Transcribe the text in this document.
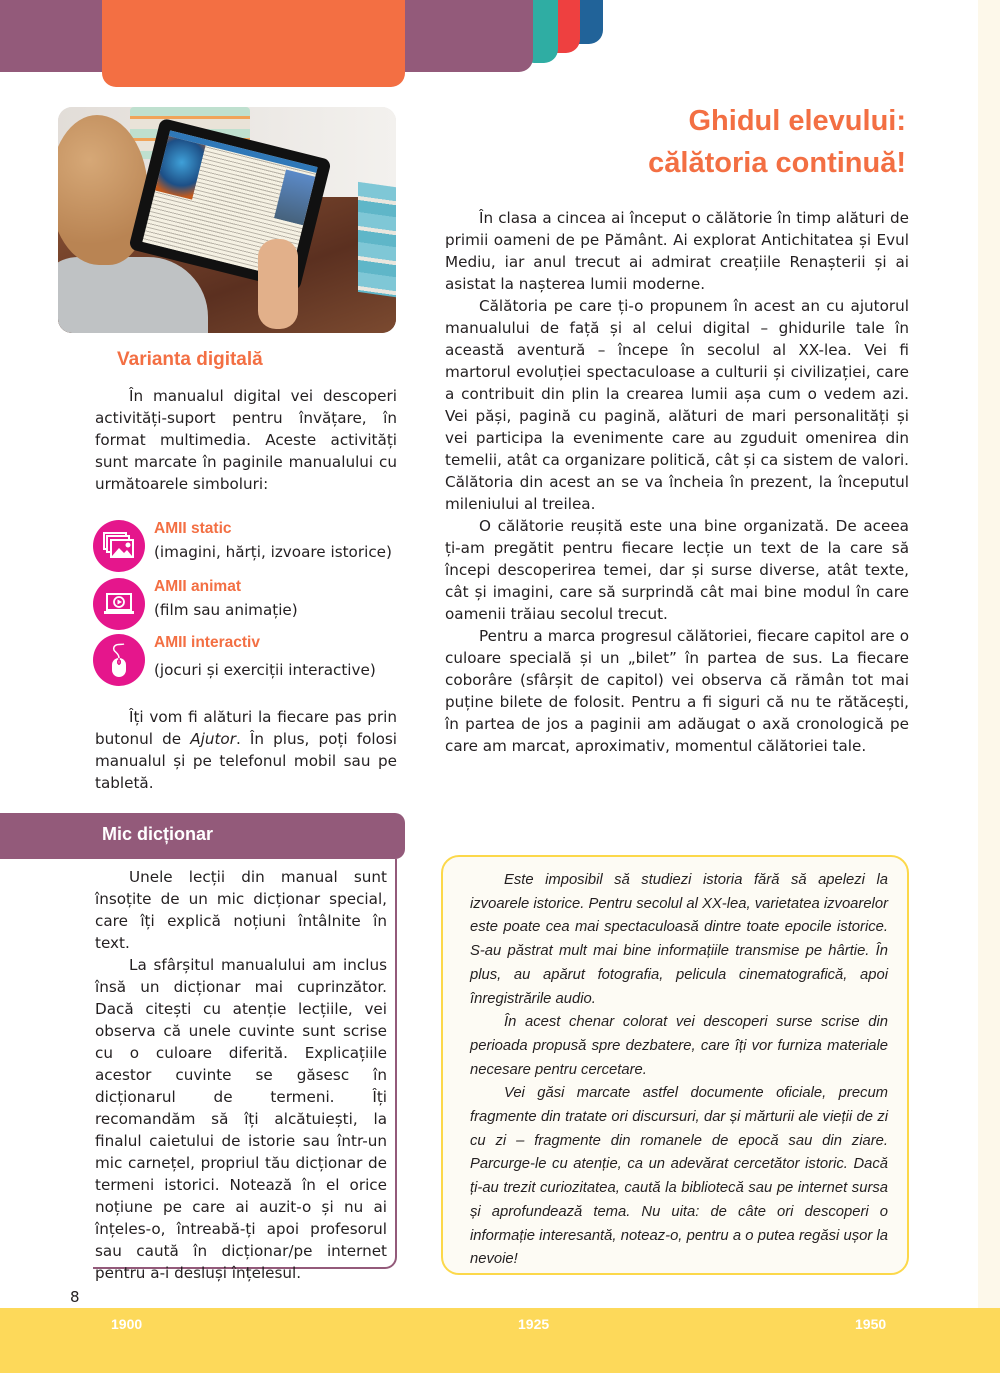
Ghidul elevului:
călătoria continuă!
Varianta digitală

În manualul digital vei descoperi activități-suport pentru învățare, în format multimedia. Aceste activități sunt marcate în paginile manualului cu următoarele simboluri:

AMII static
(imagini, hărți, izvoare istorice)
AMII animat
(film sau animație)
AMII interactiv
(jocuri și exerciții interactive)

Îți vom fi alături la fiecare pas prin butonul de Ajutor. În plus, poți folosi manualul și pe telefonul mobil sau pe tabletă.

Mic dicționar

Unele lecții din manual sunt însoțite de un mic dicționar special, care îți explică noțiuni întâlnite în text.

La sfârșitul manualului am inclus însă un dicționar mai cuprinzător. Dacă citești cu atenție lecțiile, vei observa că unele cuvinte sunt scrise cu o culoare diferită. Explicațiile acestor cuvinte se găsesc în dicționarul de termeni. Îți recomandăm să îți alcătuiești, la finalul caietului de istorie sau într-un mic carnețel, propriul tău dicționar de termeni istorici. Notează în el orice noțiune pe care ai auzit-o și nu ai înțeles-o, întreabă-ți apoi profesorul sau caută în dicționar/pe internet pentru a-i desluși înțelesul.

În clasa a cincea ai început o călătorie în timp alături de primii oameni de pe Pământ. Ai explorat Antichitatea și Evul Mediu, iar anul trecut ai admirat creațiile Renașterii și ai asistat la nașterea lumii moderne.

Călătoria pe care ți-o propunem în acest an cu ajutorul manualului de față și al celui digital – ghidurile tale în această aventură – începe în secolul al XX-lea. Vei fi martorul evoluției spectaculoase a culturii și civilizației, care a contribuit din plin la crearea lumii așa cum o vedem azi. Vei păși, pagină cu pagină, alături de mari personalități și vei participa la evenimente care au zguduit omenirea din temelii, atât ca organizare politică, cât și ca sistem de valori. Călătoria din acest an se va încheia în prezent, la începutul mileniului al treilea.

O călătorie reușită este una bine organizată. De aceea ți-am pregătit pentru fiecare lecție un text de la care să începi descoperirea temei, dar și surse diverse, atât texte, cât și imagini, care să surprindă cât mai bine modul în care oamenii trăiau secolul trecut.

Pentru a marca progresul călătoriei, fiecare capitol are o culoare specială și un „bilet” în partea de sus. La fiecare coborâre (sfârșit de capitol) vei observa că rămân tot mai puține bilete de folosit. Pentru a fi siguri că nu te rătăcești, în partea de jos a paginii am adăugat o axă cronologică pe care am marcat, aproximativ, momentul călătoriei tale.

Este imposibil să studiezi istoria fără să apelezi la izvoarele istorice. Pentru secolul al XX-lea, varietatea izvoarelor este poate cea mai spectaculoasă dintre toate epocile istorice. S-au păstrat mult mai bine informațiile transmise pe hârtie. În plus, au apărut fotografia, pelicula cinematografică, apoi înregistrările audio.

În acest chenar colorat vei descoperi surse scrise din perioada propusă spre dezbatere, care îți vor furniza materiale necesare pentru cercetare.

Vei găsi marcate astfel documente oficiale, precum fragmente din tratate ori discursuri, dar și mărturii ale vieții de zi cu zi – fragmente din romanele de epocă sau din ziare. Parcurge-le cu atenție, ca un adevărat cercetător istoric. Dacă ți-au trezit curiozitatea, caută la bibliotecă sau pe internet sursa și aprofundează tema. Nu uita: de câte ori descoperi o informație interesantă, noteaz-o, pentru a o putea regăsi ușor la nevoie!

8
1900	1925	1950
